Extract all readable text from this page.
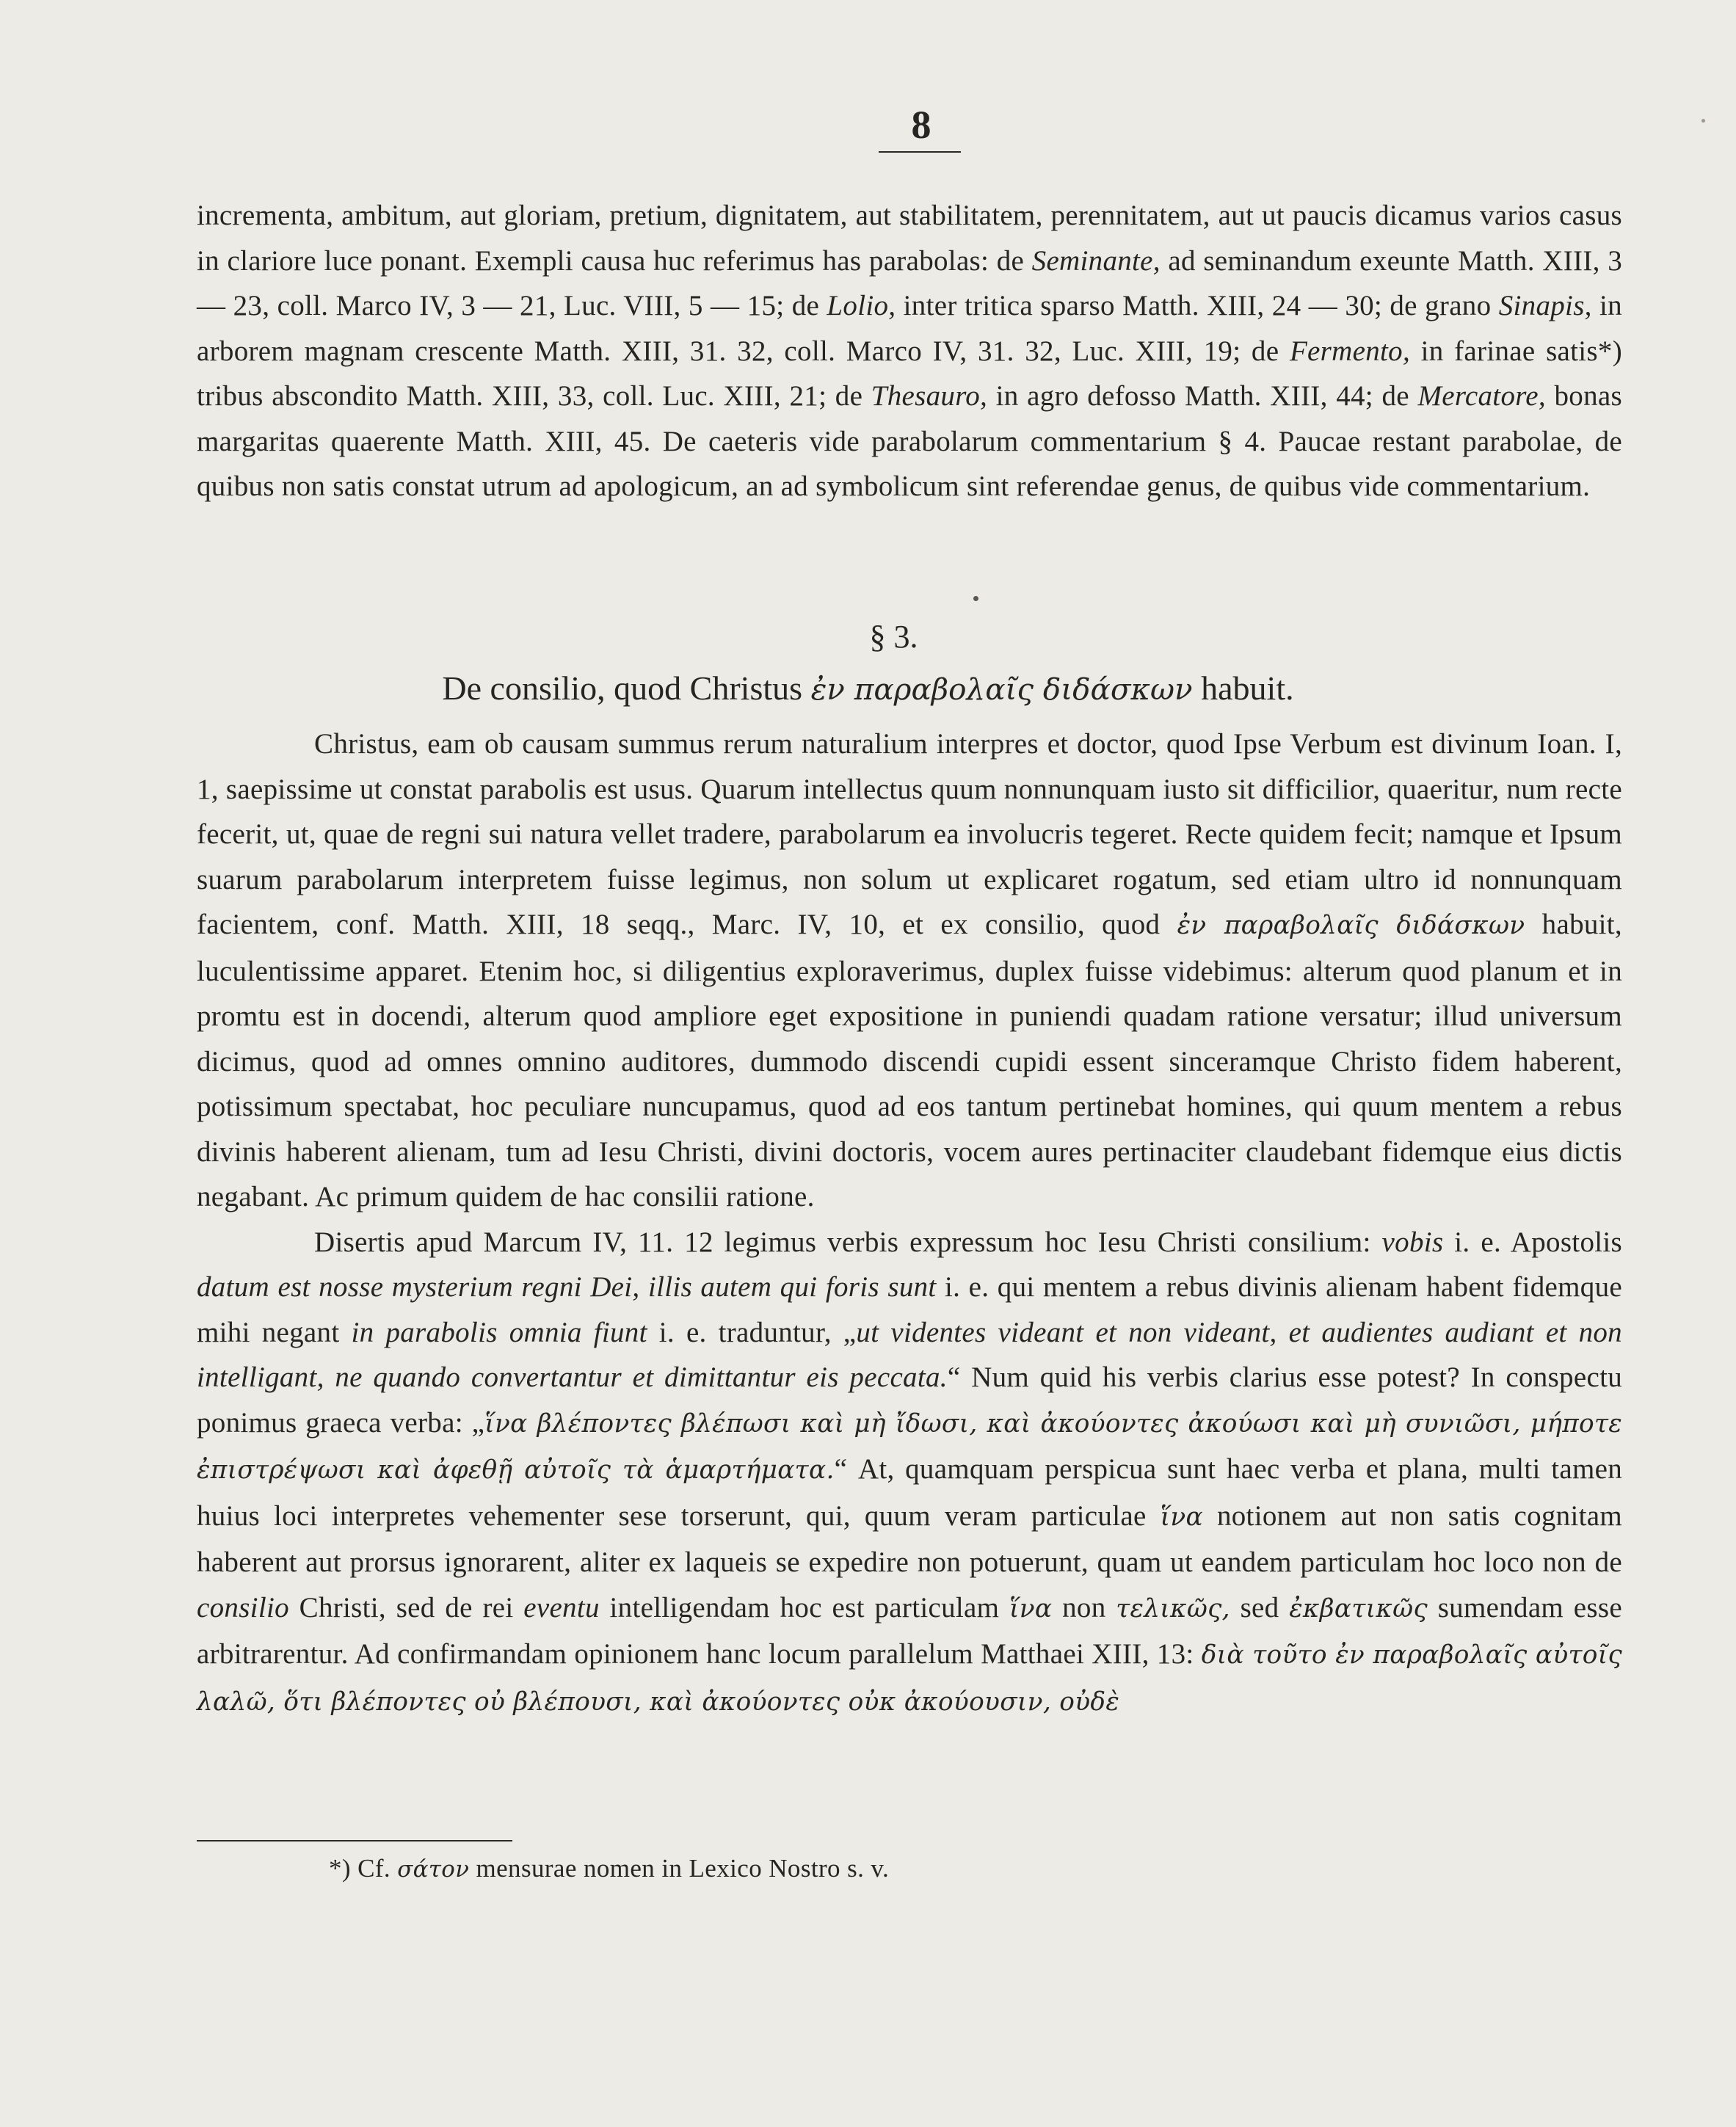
8

incrementa, ambitum, aut gloriam, pretium, dignitatem, aut stabilitatem, perennitatem, aut ut paucis dicamus varios casus in clariore luce ponant. Exempli causa huc referimus has parabolas: de Seminante, ad seminandum exeunte Matth. XIII, 3 — 23, coll. Marco IV, 3 — 21, Luc. VIII, 5 — 15; de Lolio, inter tritica sparso Matth. XIII, 24 — 30; de grano Sinapis, in arborem magnam crescente Matth. XIII, 31. 32, coll. Marco IV, 31. 32, Luc. XIII, 19; de Fermento, in farinae satis*) tribus abscondito Matth. XIII, 33, coll. Luc. XIII, 21; de Thesauro, in agro defosso Matth. XIII, 44; de Mercatore, bonas margaritas quaerente Matth. XIII, 45. De caeteris vide parabolarum commentarium § 4. Paucae restant parabolae, de quibus non satis constat utrum ad apologicum, an ad symbolicum sint referendae genus, de quibus vide commentarium.

§ 3.
De consilio, quod Christus ἐν παραβολαῖς διδάσκων habuit.

Christus, eam ob causam summus rerum naturalium interpres et doctor, quod Ipse Verbum est divinum Ioan. I, 1, saepissime ut constat parabolis est usus. Quarum intellectus quum nonnunquam iusto sit difficilior, quaeritur, num recte fecerit, ut, quae de regni sui natura vellet tradere, parabolarum ea involucris tegeret. Recte quidem fecit; namque et Ipsum suarum parabolarum interpretem fuisse legimus, non solum ut explicaret rogatum, sed etiam ultro id nonnunquam facientem, conf. Matth. XIII, 18 seqq., Marc. IV, 10, et ex consilio, quod ἐν παραβολαῖς διδάσκων habuit, luculentissime apparet. Etenim hoc, si diligentius exploraverimus, duplex fuisse videbimus: alterum quod planum et in promtu est in docendi, alterum quod ampliore eget expositione in puniendi quadam ratione versatur; illud universum dicimus, quod ad omnes omnino auditores, dummodo discendi cupidi essent sinceramque Christo fidem haberent, potissimum spectabat, hoc peculiare nuncupamus, quod ad eos tantum pertinebat homines, qui quum mentem a rebus divinis haberent alienam, tum ad Iesu Christi, divini doctoris, vocem aures pertinaciter claudebant fidemque eius dictis negabant. Ac primum quidem de hac consilii ratione.

Disertis apud Marcum IV, 11. 12 legimus verbis expressum hoc Iesu Christi consilium: vobis i. e. Apostolis datum est nosse mysterium regni Dei, illis autem qui foris sunt i. e. qui mentem a rebus divinis alienam habent fidemque mihi negant in parabolis omnia fiunt i. e. traduntur, „ut videntes videant et non videant, et audientes audiant et non intelligant, ne quando convertantur et dimittantur eis peccata.“ Num quid his verbis clarius esse potest? In conspectu ponimus graeca verba: „ἵνα βλέποντες βλέπωσι καὶ μὴ ἴδωσι, καὶ ἀκούοντες ἀκούωσι καὶ μὴ συνιῶσι, μήποτε ἐπιστρέψωσι καὶ ἀφεθῇ αὐτοῖς τὰ ἁμαρτήματα.“ At, quamquam perspicua sunt haec verba et plana, multi tamen huius loci interpretes vehementer sese torserunt, qui, quum veram particulae ἵνα notionem aut non satis cognitam haberent aut prorsus ignorarent, aliter ex laqueis se expedire non potuerunt, quam ut eandem particulam hoc loco non de consilio Christi, sed de rei eventu intelligendam hoc est particulam ἵνα non τελικῶς, sed ἐκβατικῶς sumendam esse arbitrarentur. Ad confirmandam opinionem hanc locum parallelum Matthaei XIII, 13: διὰ τοῦτο ἐν παραβολαῖς αὐτοῖς λαλῶ, ὅτι βλέποντες οὐ βλέπουσι, καὶ ἀκούοντες οὐκ ἀκούουσιν, οὐδὲ

*) Cf. σάτον mensurae nomen in Lexico Nostro s. v.
